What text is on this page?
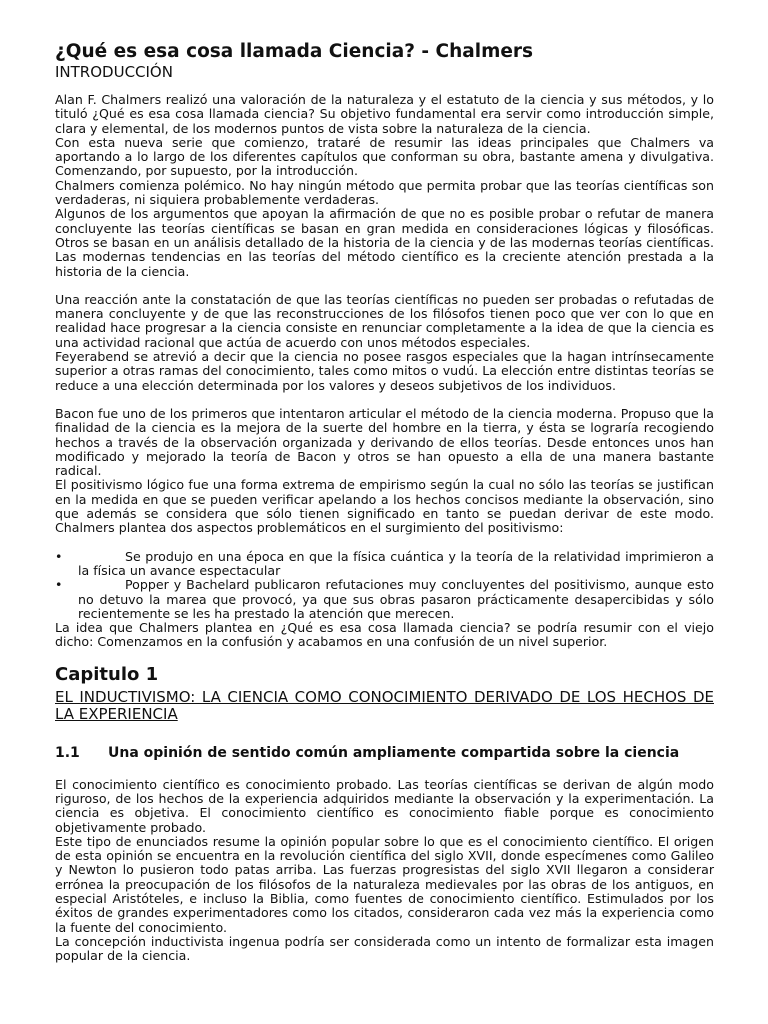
¿Qué es esa cosa llamada Ciencia? - Chalmers
INTRODUCCIÓN

Alan F. Chalmers realizó una valoración de la naturaleza y el estatuto de la ciencia y sus métodos, y lo tituló ¿Qué es esa cosa llamada ciencia? Su objetivo fundamental era servir como introducción simple, clara y elemental, de los modernos puntos de vista sobre la naturaleza de la ciencia.

Con esta nueva serie que comienzo, trataré de resumir las ideas principales que Chalmers va aportando a lo largo de los diferentes capítulos que conforman su obra, bastante amena y divulgativa. Comenzando, por supuesto, por la introducción.

Chalmers comienza polémico. No hay ningún método que permita probar que las teorías científicas son verdaderas, ni siquiera probablemente verdaderas.

Algunos de los argumentos que apoyan la afirmación de que no es posible probar o refutar de manera concluyente las teorías científicas se basan en gran medida en consideraciones lógicas y filosóficas. Otros se basan en un análisis detallado de la historia de la ciencia y de las modernas teorías científicas. Las modernas tendencias en las teorías del método científico es la creciente atención prestada a la historia de la ciencia.

Una reacción ante la constatación de que las teorías científicas no pueden ser probadas o refutadas de manera concluyente y de que las reconstrucciones de los filósofos tienen poco que ver con lo que en realidad hace progresar a la ciencia consiste en renunciar completamente a la idea de que la ciencia es una actividad racional que actúa de acuerdo con unos métodos especiales.

Feyerabend se atrevió a decir que la ciencia no posee rasgos especiales que la hagan intrínsecamente superior a otras ramas del conocimiento, tales como mitos o vudú. La elección entre distintas teorías se reduce a una elección determinada por los valores y deseos subjetivos de los individuos.

Bacon fue uno de los primeros que intentaron articular el método de la ciencia moderna. Propuso que la finalidad de la ciencia es la mejora de la suerte del hombre en la tierra, y ésta se lograría recogiendo hechos a través de la observación organizada y derivando de ellos teorías. Desde entonces unos han modificado y mejorado la teoría de Bacon y otros se han opuesto a ella de una manera bastante radical.

El positivismo lógico fue una forma extrema de empirismo según la cual no sólo las teorías se justifican en la medida en que se pueden verificar apelando a los hechos concisos mediante la observación, sino que además se considera que sólo tienen significado en tanto se puedan derivar de este modo. Chalmers plantea dos aspectos problemáticos en el surgimiento del positivismo:

•	Se produjo en una época en que la física cuántica y la teoría de la relatividad imprimieron a la física un avance espectacular
•	Popper y Bachelard publicaron refutaciones muy concluyentes del positivismo, aunque esto no detuvo la marea que provocó, ya que sus obras pasaron prácticamente desapercibidas y sólo recientemente se les ha prestado la atención que merecen.

La idea que Chalmers plantea en ¿Qué es esa cosa llamada ciencia? se podría resumir con el viejo dicho: Comenzamos en la confusión y acabamos en una confusión de un nivel superior.

Capitulo 1
EL INDUCTIVISMO: LA CIENCIA COMO CONOCIMIENTO DERIVADO DE LOS HECHOS DE LA EXPERIENCIA
1.1	Una opinión de sentido común ampliamente compartida sobre la ciencia

El conocimiento científico es conocimiento probado. Las teorías científicas se derivan de algún modo riguroso, de los hechos de la experiencia adquiridos mediante la observación y la experimentación. La ciencia es objetiva. El conocimiento científico es conocimiento fiable porque es conocimiento objetivamente probado.

Este tipo de enunciados resume la opinión popular sobre lo que es el conocimiento científico. El origen de esta opinión se encuentra en la revolución científica del siglo XVII, donde especímenes como Galileo y Newton lo pusieron todo patas arriba. Las fuerzas progresistas del siglo XVII llegaron a considerar errónea la preocupación de los filósofos de la naturaleza medievales por las obras de los antiguos, en especial Aristóteles, e incluso la Biblia, como fuentes de conocimiento científico. Estimulados por los éxitos de grandes experimentadores como los citados, consideraron cada vez más la experiencia como la fuente del conocimiento.

La concepción inductivista ingenua podría ser considerada como un intento de formalizar esta imagen popular de la ciencia.
